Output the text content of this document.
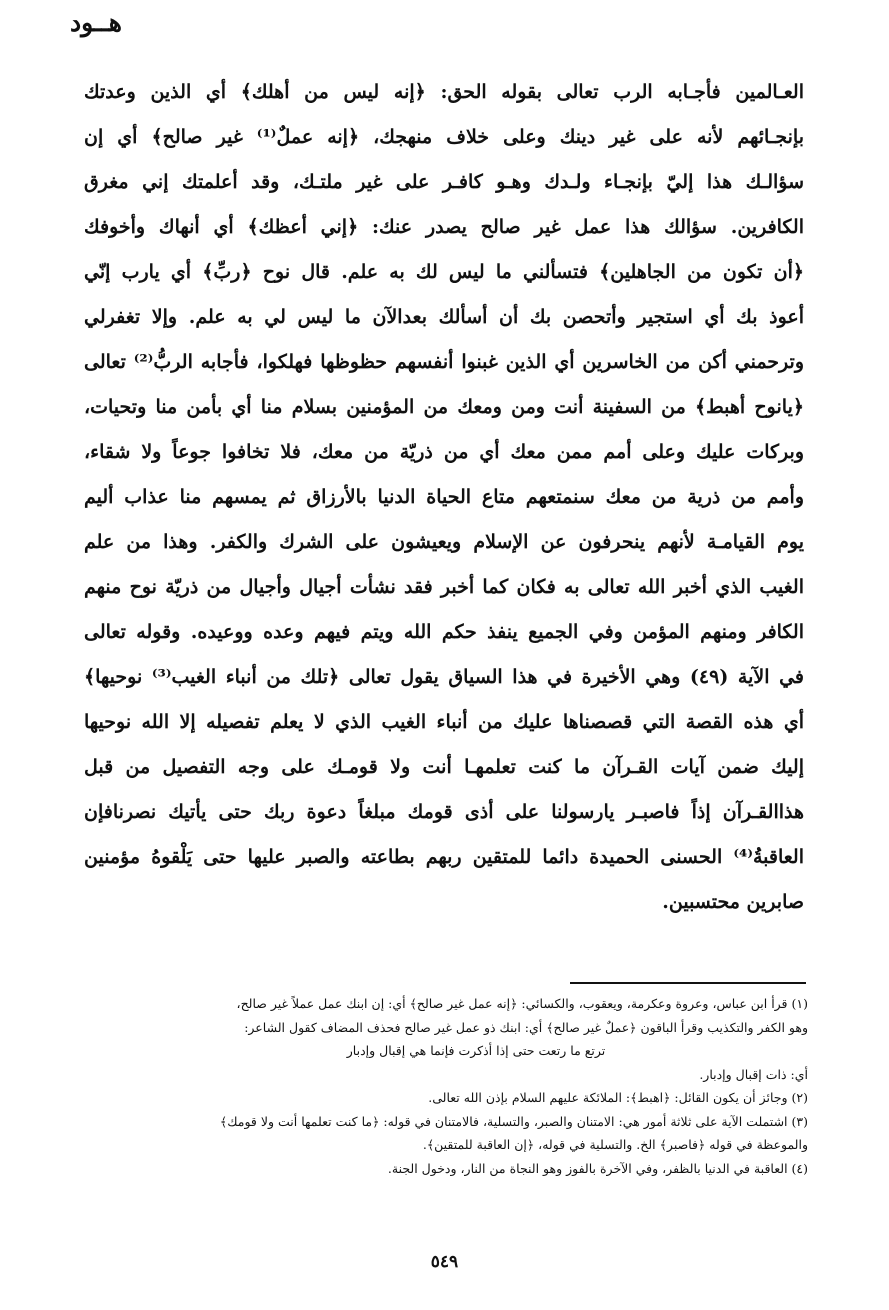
هــود
العـالمين فأجـابه الرب تعالى بقوله الحق: ﴿إنه ليس من أهلك﴾ أي الذين وعدتك
بإنجـائهم لأنه على غير دينك وعلى خلاف منهجك، ﴿إنه عملٌ⁽¹⁾ غير صالح﴾ أي إن
سؤالـك هذا إليّ بإنجـاء ولـدك وهـو كافـر على غير ملتـك، وقد أعلمتك إني مغرق
الكافرين. سؤالك هذا عمل غير صالح يصدر عنك: ﴿إني أعظك﴾ أي أنهاك وأخوفك
﴿أن تكون من الجاهلين﴾ فتسألني ما ليس لك به علم. قال نوح ﴿ربِّ﴾ أي يارب إنّي
أعوذ بك أي استجير وأتحصن بك أن أسألك بعدالآن ما ليس لي به علم. وإلا تغفرلي
وترحمني أكن من الخاسرين أي الذين غبنوا أنفسهم حظوظها فهلكوا، فأجابه الربُّ⁽²⁾ تعالى
﴿يانوح أهبط﴾ من السفينة أنت ومن ومعك من المؤمنين بسلام منا أي بأمن منا وتحيات،
وبركات عليك وعلى أمم ممن معك أي من ذريّة من معك، فلا تخافوا جوعاً ولا شقاء،
وأمم من ذرية من معك سنمتعهم متاع الحياة الدنيا بالأرزاق ثم يمسهم منا عذاب أليم
يوم القيامـة لأنهم ينحرفون عن الإسلام ويعيشون على الشرك والكفر. وهذا من علم
الغيب الذي أخبر الله تعالى به فكان كما أخبر فقد نشأت أجيال وأجيال من ذريّة نوح منهم
الكافر ومنهم المؤمن وفي الجميع ينفذ حكم الله ويتم فيهم وعده ووعيده. وقوله تعالى
في الآية (٤٩) وهي الأخيرة في هذا السياق يقول تعالى ﴿تلك من أنباء الغيب⁽³⁾ نوحيها﴾
أي هذه القصة التي قصصناها عليك من أنباء الغيب الذي لا يعلم تفصيله إلا الله نوحيها
إليك ضمن آيات القـرآن ما كنت تعلمهـا أنت ولا قومـك على وجه التفصيل من قبل
هذاالقـرآن إذاً فاصبـر يارسولنا على أذى قومك مبلغاً دعوة ربك حتى يأتيك نصرنافإن
العاقبةُ⁽⁴⁾ الحسنى الحميدة دائما للمتقين ربهم بطاعته والصبر عليها حتى يَلْقوهُ مؤمنين
صابرين محتسبين.
(١) قرأ ابن عباس، وعروة وعكرمة، ويعقوب، والكسائي: ﴿إنه عمل غير صالح﴾ أي: إن ابنك عمل عملاً غير صالح،
وهو الكفر والتكذيب وقرأ الباقون ﴿عملٌ غير صالح﴾ أي: ابنك ذو عمل غير صالح فحذف المضاف كقول الشاعر:
ترتع ما رتعت حتى إذا أذكرت فإنما هي إقبال وإدبار
أي: ذات إقبال وإدبار.
(٢) وجائز أن يكون القائل: ﴿اهبط﴾: الملائكة عليهم السلام بإذن الله تعالى.
(٣) اشتملت الآية على ثلاثة أمور هي: الامتنان والصبر، والتسلية، فالامتنان في قوله: ﴿ما كنت تعلمها أنت ولا قومك﴾
والموعظة في قوله ﴿فاصبر﴾ الخ. والتسلية في قوله، ﴿إن العاقبة للمتقين﴾.
(٤) العاقبة في الدنيا بالظفر، وفي الآخرة بالفوز وهو النجاة من النار، ودخول الجنة.
٥٤٩
